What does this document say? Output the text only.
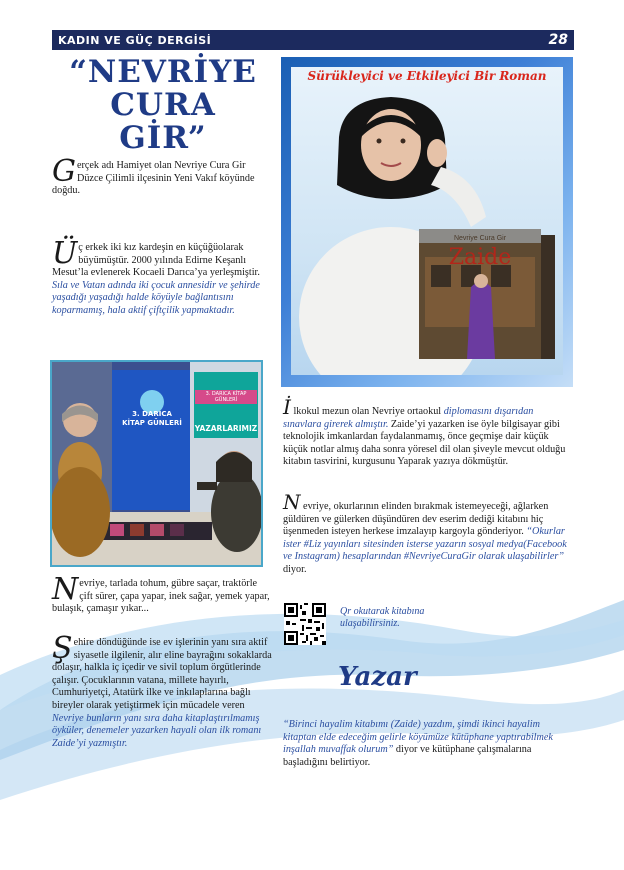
KADIN VE GÜÇ DERGİSİ	28
“NEVRİYE
CURA
GİR”
G erçek adı Hamiyet olan Nevriye Cura Gir Düzce Çilimli ilçesinin Yeni Vakıf köyünde doğdu.
Ü ç erkek iki kız kardeşin en küçüğüolarak büyümüştür. 2000 yılında Edirne Keşanlı Mesut’la evlenerek Kocaeli Darıca’ya yerleşmiştir. Sıla ve Vatan adında iki çocuk annesidir ve şehirde yaşadığı yaşadığı halde köyüyle bağlantısını koparmamış, hala aktif çiftçilik yapmaktadır.
3. DARICA
KİTAP GÜNLERİ
3. DARICA KİTAP GÜNLERİ
YAZARLARIMIZ
N evriye, tarlada tohum, gübre saçar, traktörle çift sürer, çapa yapar, inek sağar, yemek yapar, bulaşık, çamaşır yıkar...
Ş ehire döndüğünde ise ev işlerinin yanı sıra aktif siyasetle ilgilenir, alır eline bayrağını sokaklarda dolaşır, halkla iç içedir ve sivil toplum örgütlerinde çalışır. Çocuklarının vatana, millete hayırlı, Cumhuriyetçi, Atatürk ilke ve inkılaplarına bağlı bireyler olarak yetiştirmek için mücadele veren Nevriye bunların yanı sıra daha kitaplaştırılmamış öyküler, denemeler yazarken hayali olan ilk romanı Zaide’yi yazmıştır.
Sürükleyici ve Etkileyici Bir Roman
Nevriye Cura Gir
Zaide
İ lkokul mezun olan Nevriye ortaokul diplomasını dışarıdan sınavlara girerek almıştır. Zaide’yi yazarken ise öyle bilgisayar gibi teknolojik imkanlardan faydalanmamış, önce geçmişe dair küçük küçük notlar almış daha sonra yöresel dil olan şiveyle mevcut olduğu kitabın tasvirini, kurgusunu Yaparak yazıya dökmüştür.
N evriye, okurlarının elinden bırakmak istemeyeceği, ağlarken güldüren ve gülerken düşündüren dev eserim dediği kitabını hiç üşenmeden isteyen herkese imzalayıp kargoyla gönderiyor. “Okurlar ister #Liz yayınları sitesinden isterse yazarın sosyal medya(Facebook ve Instagram) hesaplarından #NevriyeCuraGir olarak ulaşabilirler” diyor.
Qr okutarak kitabına ulaşabilirsiniz.
Yazar
“Birinci hayalim kitabımı (Zaide) yazdım, şimdi ikinci hayalim kitaptan elde edeceğim gelirle köyümüze kütüphane yaptırabilmek inşallah muvaffak olurum” diyor ve kütüphane çalışmalarına başladığını belirtiyor.
